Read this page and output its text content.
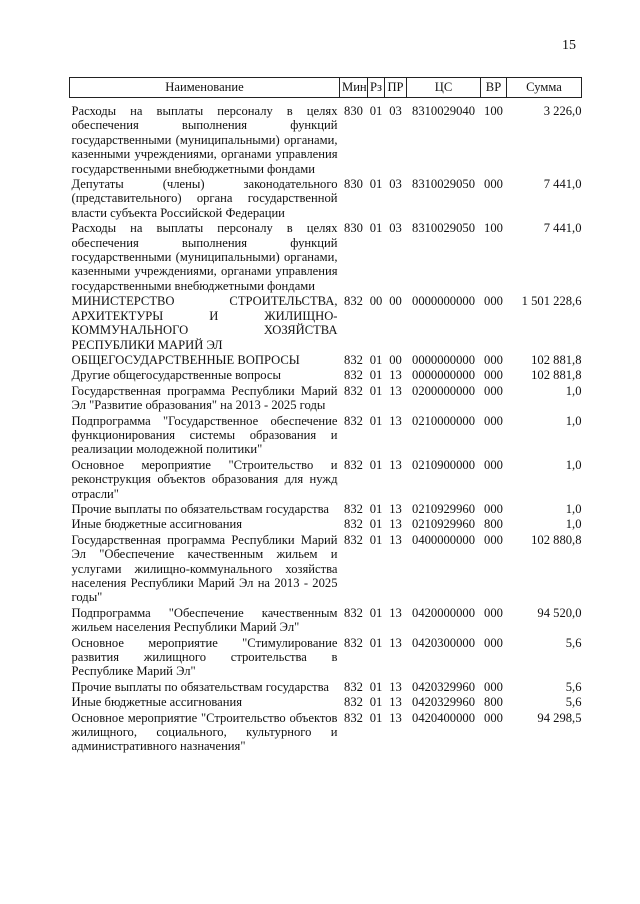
15
Наименование	Мин	Рз	ПР	ЦС	ВР	Сумма

Расходы на выплаты персоналу в целях обеспечения выполнения функций государственными (муниципальными) органами, казенными учреждениями, органами управления государственными внебюджетными фондами	830	01	03	8310029040	100	3 226,0
Депутаты (члены) законодательного (представительного) органа государственной власти субъекта Российской Федерации	830	01	03	8310029050	000	7 441,0
Расходы на выплаты персоналу в целях обеспечения выполнения функций государственными (муниципальными) органами, казенными учреждениями, органами управления государственными внебюджетными фондами	830	01	03	8310029050	100	7 441,0
МИНИСТЕРСТВО СТРОИТЕЛЬСТВА, АРХИТЕКТУРЫ И ЖИЛИЩНО-КОММУНАЛЬНОГО ХОЗЯЙСТВА РЕСПУБЛИКИ МАРИЙ ЭЛ	832	00	00	0000000000	000	1 501 228,6
ОБЩЕГОСУДАРСТВЕННЫЕ ВОПРОСЫ	832	01	00	0000000000	000	102 881,8
Другие общегосударственные вопросы	832	01	13	0000000000	000	102 881,8
Государственная программа Республики Марий Эл "Развитие образования" на 2013 - 2025 годы	832	01	13	0200000000	000	1,0
Подпрограмма "Государственное обеспечение функционирования системы образования и реализации молодежной политики"	832	01	13	0210000000	000	1,0
Основное мероприятие "Строительство и реконструкция объектов образования для нужд отрасли"	832	01	13	0210900000	000	1,0
Прочие выплаты по обязательствам государства	832	01	13	0210929960	000	1,0
Иные бюджетные ассигнования	832	01	13	0210929960	800	1,0
Государственная программа Республики Марий Эл "Обеспечение качественным жильем и услугами жилищно-коммунального хозяйства населения Республики Марий Эл на 2013 - 2025 годы"	832	01	13	0400000000	000	102 880,8
Подпрограмма "Обеспечение качественным жильем населения Республики Марий Эл"	832	01	13	0420000000	000	94 520,0
Основное мероприятие "Стимулирование развития жилищного строительства в Республике Марий Эл"	832	01	13	0420300000	000	5,6
Прочие выплаты по обязательствам государства	832	01	13	0420329960	000	5,6
Иные бюджетные ассигнования	832	01	13	0420329960	800	5,6
Основное мероприятие "Строительство объектов жилищного, социального, культурного и административного назначения"	832	01	13	0420400000	000	94 298,5
